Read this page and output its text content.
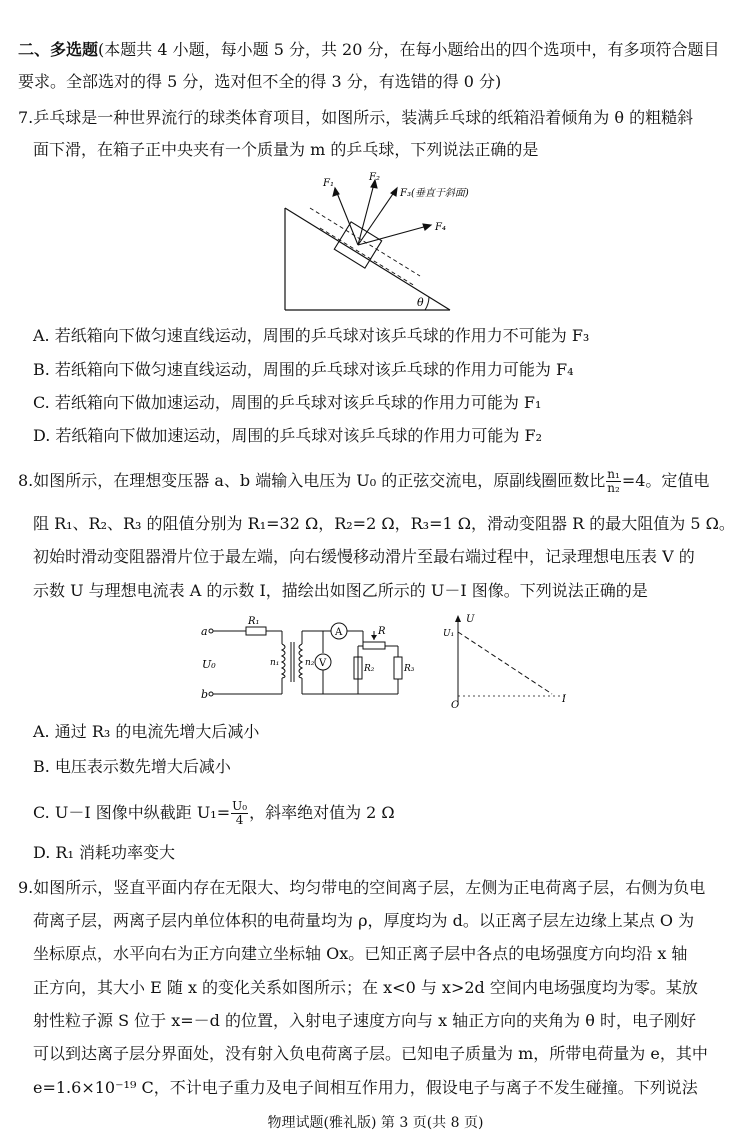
二、多选题(本题共 4 小题，每小题 5 分，共 20 分，在每小题给出的四个选项中，有多项符合题目
要求。全部选对的得 5 分，选对但不全的得 3 分，有选错的得 0 分)
7.乒乓球是一种世界流行的球类体育项目，如图所示，装满乒乓球的纸箱沿着倾角为 θ 的粗糙斜
面下滑，在箱子正中央夹有一个质量为 m 的乒乓球，下列说法正确的是
θ
F₁
F₂
F₃(垂直于斜面)
F₄
A. 若纸箱向下做匀速直线运动，周围的乒乓球对该乒乓球的作用力不可能为 F₃
B. 若纸箱向下做匀速直线运动，周围的乒乓球对该乒乓球的作用力可能为 F₄
C. 若纸箱向下做加速运动，周围的乒乓球对该乒乓球的作用力可能为 F₁
D. 若纸箱向下做加速运动，周围的乒乓球对该乒乓球的作用力可能为 F₂
8.如图所示，在理想变压器 a、b 端输入电压为 U₀ 的正弦交流电，原副线圈匝数比 $\frac{\text{n₁}}{\text{n₂}} =4$。定值电
阻 R₁、R₂、R₃ 的阻值分别为 R₁=32 Ω，R₂=2 Ω，R₃=1 Ω，滑动变阻器 R 的最大阻值为 5 Ω。
初始时滑动变阻器滑片位于最左端，向右缓慢移动滑片至最右端过程中，记录理想电压表 V 的
示数 U 与理想电流表 A 的示数 I，描绘出如图乙所示的 U－I 图像。下列说法正确的是
a
b
U₀
R₁
n₁	n₂
A
V
R
R₂	R₃
U
U₁
O
I
A. 通过 R₃ 的电流先增大后减小
B. 电压表示数先增大后减小
C. U－I 图像中纵截距 $U_1= \frac{\text{U₀}}{4}$ ，斜率绝对值为 2 Ω
D. R₁ 消耗功率变大
9.如图所示，竖直平面内存在无限大、均匀带电的空间离子层，左侧为正电荷离子层，右侧为负电
荷离子层，两离子层内单位体积的电荷量均为 ρ，厚度均为 d。以正离子层左边缘上某点 O 为
坐标原点，水平向右为正方向建立坐标轴 Ox。已知正离子层中各点的电场强度方向均沿 x 轴
正方向，其大小 E 随 x 的变化关系如图所示；在 x<0 与 x>2d 空间内电场强度均为零。某放
射性粒子源 S 位于 x=－d 的位置，入射电子速度方向与 x 轴正方向的夹角为 θ 时，电子刚好
可以到达离子层分界面处，没有射入负电荷离子层。已知电子质量为 m，所带电荷量为 e，其中
e=1.6×10⁻¹⁹ C，不计电子重力及电子间相互作用力，假设电子与离子不发生碰撞。下列说法
物理试题(雅礼版) 第 3 页(共 8 页)
